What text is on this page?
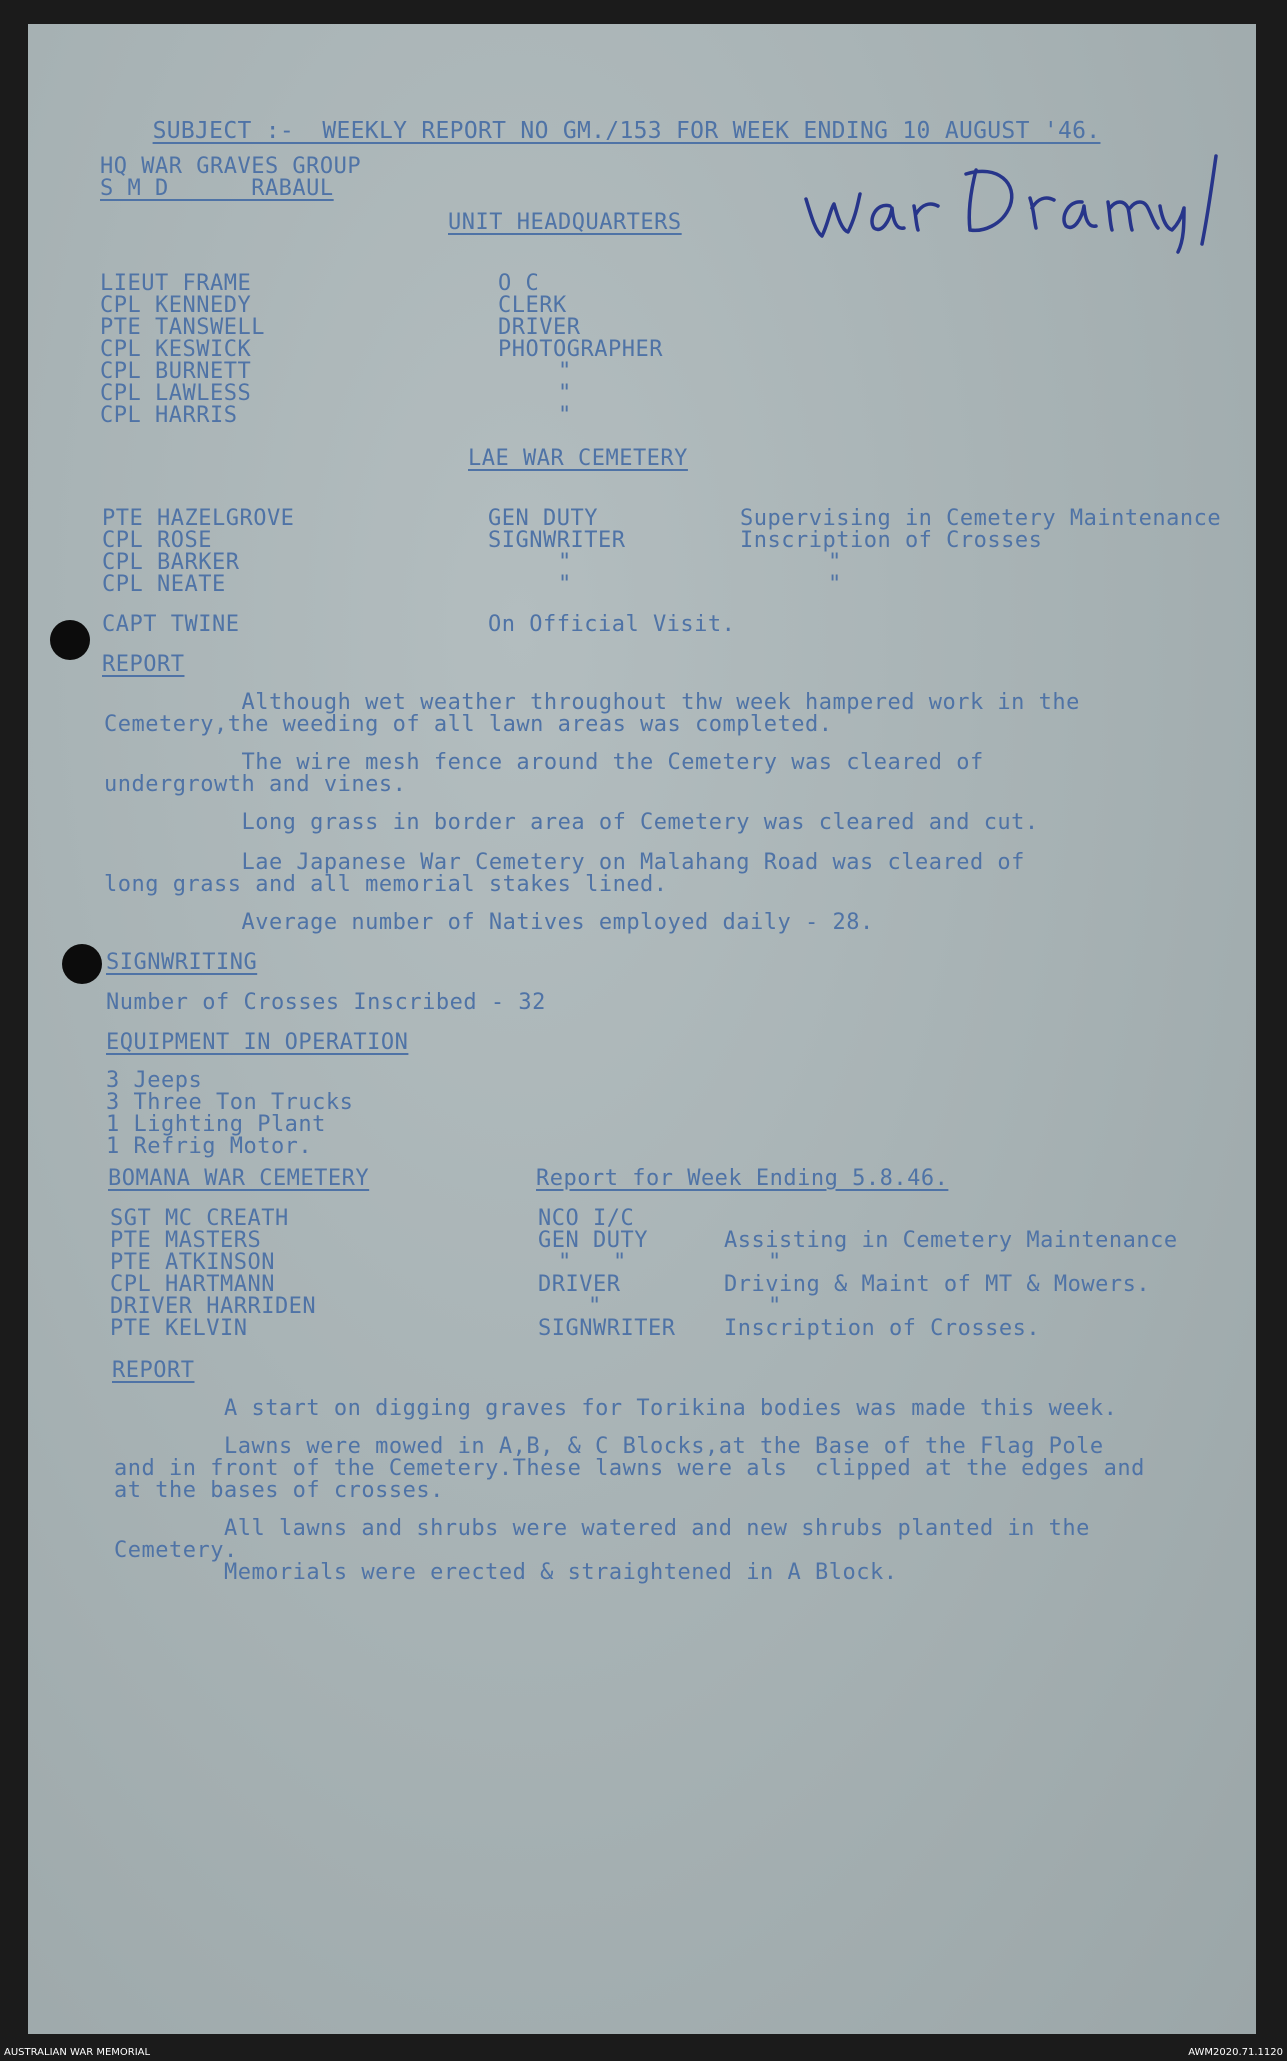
SUBJECT :-  WEEKLY REPORT NO GM./153 FOR WEEK ENDING 10 AUGUST '46.

HQ WAR GRAVES GROUP
S M D      RABAUL
UNIT HEADQUARTERS
LIEUT FRAME	O C
CPL KENNEDY	CLERK
PTE TANSWELL	DRIVER
CPL KESWICK	PHOTOGRAPHER
CPL BURNETT	"
CPL LAWLESS	"
CPL HARRIS	"
LAE WAR CEMETERY
PTE HAZELGROVE	GEN DUTY	Supervising in Cemetery Maintenance
CPL ROSE	SIGNWRITER	Inscription of Crosses
CPL BARKER	"	"
CPL NEATE	"	"
CAPT TWINE	On Official Visit.
REPORT
Although wet weather throughout thw week hampered work in the
Cemetery,the weeding of all lawn areas was completed.
The wire mesh fence around the Cemetery was cleared of
undergrowth and vines.
Long grass in border area of Cemetery was cleared and cut.
Lae Japanese War Cemetery on Malahang Road was cleared of
long grass and all memorial stakes lined.
Average number of Natives employed daily - 28.
SIGNWRITING
Number of Crosses Inscribed - 32
EQUIPMENT IN OPERATION
3 Jeeps
3 Three Ton Trucks
1 Lighting Plant
1 Refrig Motor.
BOMANA WAR CEMETERY	Report for Week Ending 5.8.46.
SGT MC CREATH	NCO I/C
PTE MASTERS	GEN DUTY	Assisting in Cemetery Maintenance
PTE ATKINSON	"   "	"
CPL HARTMANN	DRIVER	Driving & Maint of MT & Mowers.
DRIVER HARRIDEN	"	"
PTE KELVIN	SIGNWRITER Inscription of Crosses.
REPORT
A start on digging graves for Torikina bodies was made this week.
Lawns were mowed in A,B, & C Blocks,at the Base of the Flag Pole
and in front of the Cemetery.These lawns were als  clipped at the edges and
at the bases of crosses.
All lawns and shrubs were watered and new shrubs planted in the
Cemetery.
Memorials were erected & straightened in A Block.
AUSTRALIAN WAR MEMORIAL	AWM2020.71.1120
